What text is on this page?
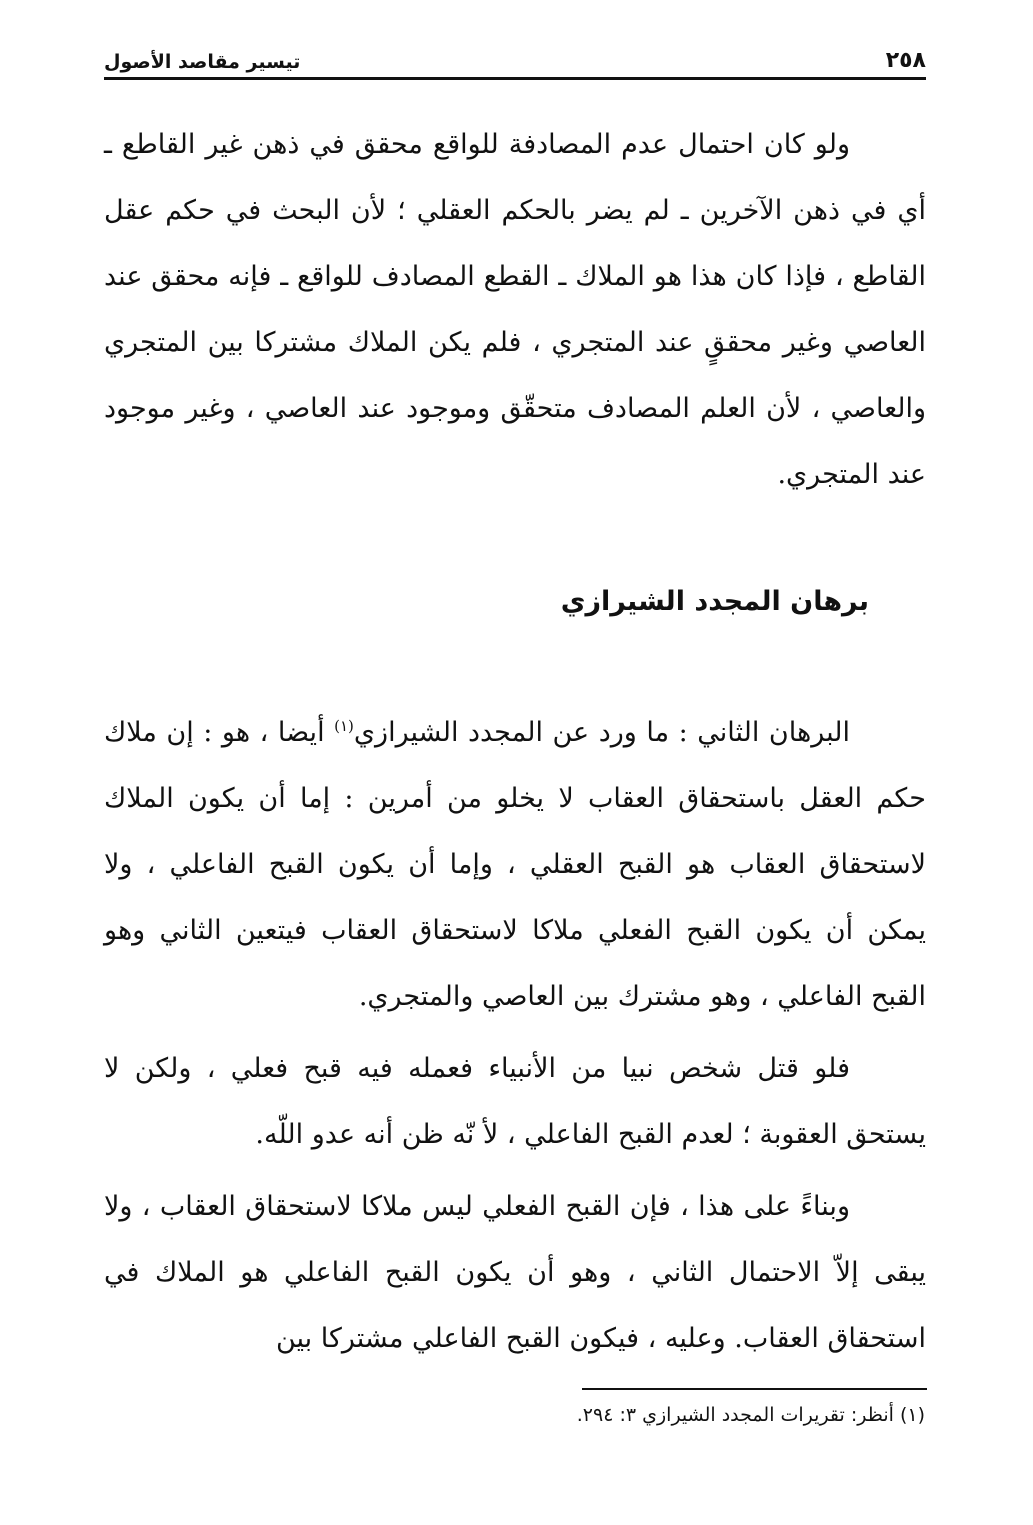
٢٥٨
تيسير مقاصد الأصول

ولو كان احتمال عدم المصادفة للواقع محقق في ذهن غير القاطع ـ أي في ذهن الآخرين ـ لم يضر بالحكم العقلي ؛ لأن البحث في حكم عقل القاطع ، فإذا كان هذا هو الملاك ـ القطع المصادف للواقع ـ فإنه محقق عند العاصي وغير محققٍ عند المتجري ، فلم يكن الملاك مشتركا بين المتجري والعاصي ، لأن العلم المصادف متحقّق وموجود عند العاصي ، وغير موجود عند المتجري.

برهان المجدد الشيرازي

البرهان الثاني : ما ورد عن المجدد الشيرازي$^{(١)}$ أيضا ، هو : إن ملاك حكم العقل باستحقاق العقاب لا يخلو من أمرين : إما أن يكون الملاك لاستحقاق العقاب هو القبح العقلي ، وإما أن يكون القبح الفاعلي ، ولا يمكن أن يكون القبح الفعلي ملاكا لاستحقاق العقاب فيتعين الثاني وهو القبح الفاعلي ، وهو مشترك بين العاصي والمتجري.

فلو قتل شخص نبيا من الأنبياء فعمله فيه قبح فعلي ، ولكن لا يستحق العقوبة ؛ لعدم القبح الفاعلي ، لأ نّه ظن أنه عدو اللّه.

وبناءً على هذا ، فإن القبح الفعلي ليس ملاكا لاستحقاق العقاب ، ولا يبقى إلاّ الاحتمال الثاني ، وهو أن يكون القبح الفاعلي هو الملاك في استحقاق العقاب. وعليه ، فيكون القبح الفاعلي مشتركا بين

(١) أنظر: تقريرات المجدد الشيرازي ٣: ٢٩٤.
